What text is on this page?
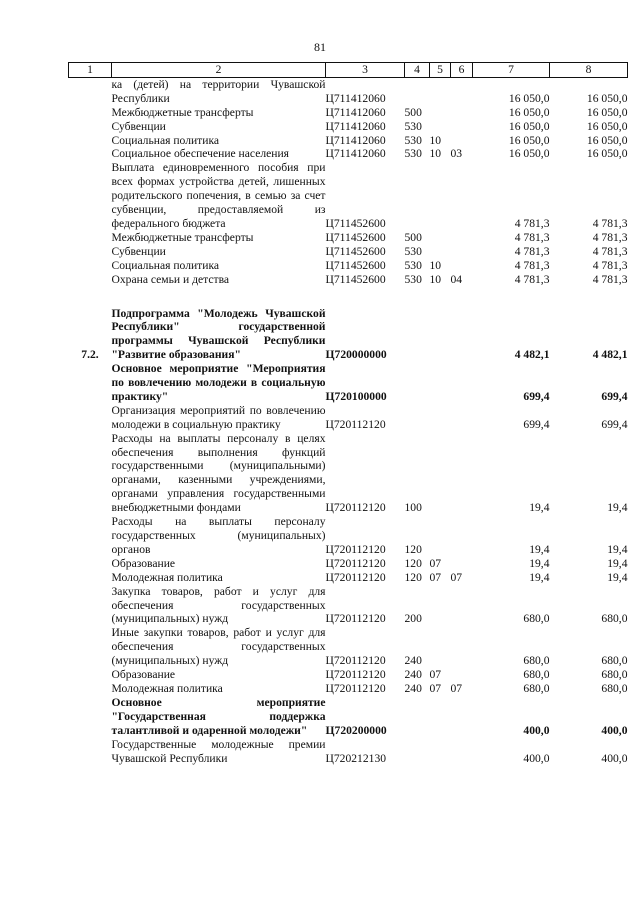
81
1	2	3	4	5	6	7	8
	ка (детей) на территории Чувашской Республики	Ц711412060				16 050,0	16 050,0
	Межбюджетные трансферты	Ц711412060	500			16 050,0	16 050,0
	Субвенции	Ц711412060	530			16 050,0	16 050,0
	Социальная политика	Ц711412060	530	10		16 050,0	16 050,0
	Социальное обеспечение населения	Ц711412060	530	10	03	16 050,0	16 050,0
	Выплата единовременного пособия при всех формах устройства детей, лишенных родительского попечения, в семью за счет субвенции, предоставляемой из федерального бюджета	Ц711452600				4 781,3	4 781,3
	Межбюджетные трансферты	Ц711452600	500			4 781,3	4 781,3
	Субвенции	Ц711452600	530			4 781,3	4 781,3
	Социальная политика	Ц711452600	530	10		4 781,3	4 781,3
	Охрана семьи и детства	Ц711452600	530	10	04	4 781,3	4 781,3

7.2.	Подпрограмма "Молодежь Чувашской Республики" государственной программы Чувашской Республики "Развитие образования"	Ц720000000				4 482,1	4 482,1
	Основное мероприятие "Мероприятия по вовлечению молодежи в социальную практику"	Ц720100000				699,4	699,4
	Организация мероприятий по вовлечению молодежи в социальную практику	Ц720112120				699,4	699,4
	Расходы на выплаты персоналу в целях обеспечения выполнения функций государственными (муниципальными) органами, казенными учреждениями, органами управления государственными внебюджетными фондами	Ц720112120	100			19,4	19,4
	Расходы на выплаты персоналу государственных (муниципальных) органов	Ц720112120	120			19,4	19,4
	Образование	Ц720112120	120	07		19,4	19,4
	Молодежная политика	Ц720112120	120	07	07	19,4	19,4
	Закупка товаров, работ и услуг для обеспечения государственных (муниципальных) нужд	Ц720112120	200			680,0	680,0
	Иные закупки товаров, работ и услуг для обеспечения государственных (муниципальных) нужд	Ц720112120	240			680,0	680,0
	Образование	Ц720112120	240	07		680,0	680,0
	Молодежная политика	Ц720112120	240	07	07	680,0	680,0
	Основное мероприятие "Государственная поддержка талантливой и одаренной молодежи"	Ц720200000				400,0	400,0
	Государственные молодежные премии Чувашской Республики	Ц720212130				400,0	400,0
